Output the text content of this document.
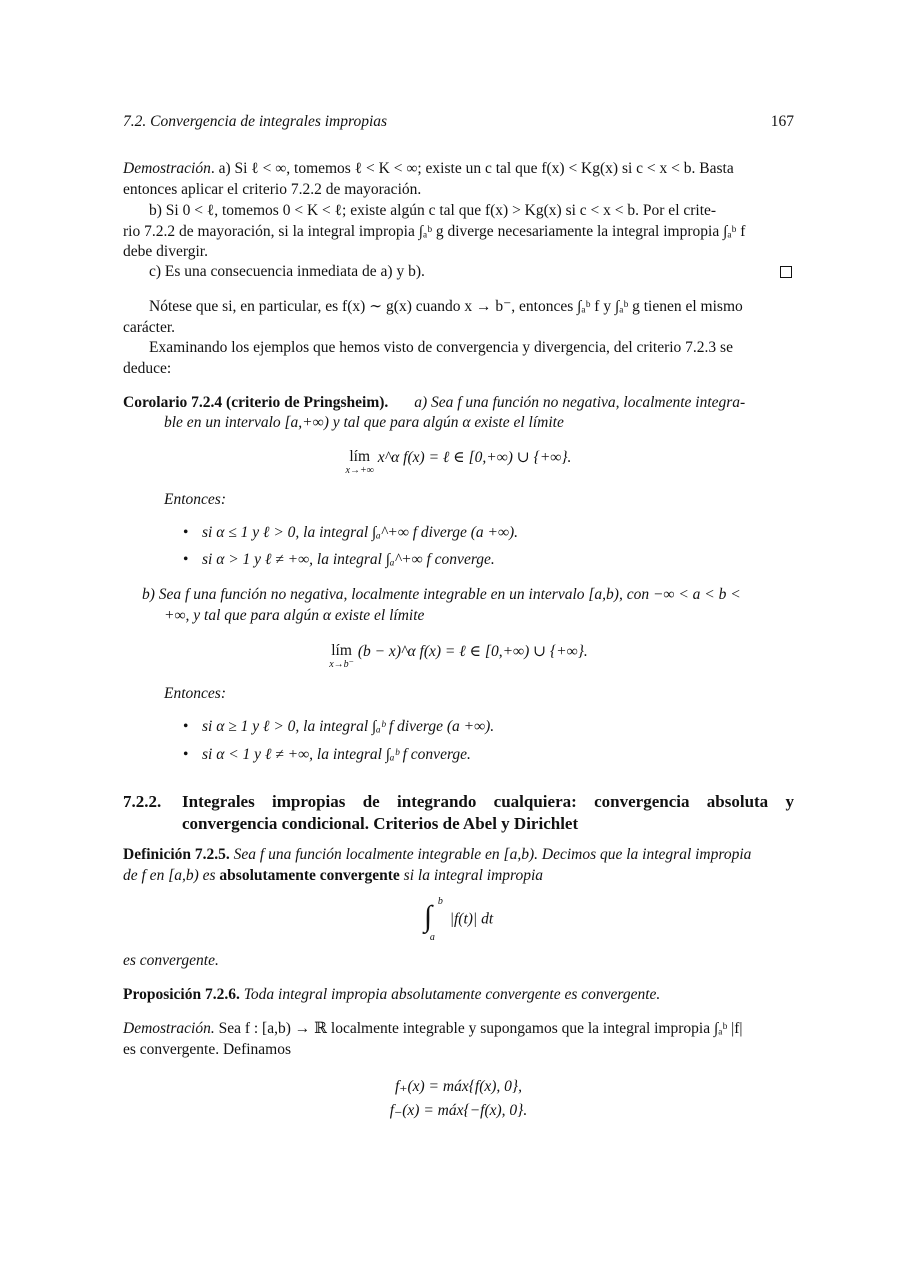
7.2. Convergencia de integrales impropias	167

Demostración. a) Si ℓ < ∞, tomemos ℓ < K < ∞; existe un c tal que f(x) < Kg(x) si c < x < b. Basta
entonces aplicar el criterio 7.2.2 de mayoración.

b) Si 0 < ℓ, tomemos 0 < K < ℓ; existe algún c tal que f(x) > Kg(x) si c < x < b. Por el crite-
rio 7.2.2 de mayoración, si la integral impropia ∫ₐᵇ g diverge necesariamente la integral impropia ∫ₐᵇ f
debe divergir.

c) Es una consecuencia inmediata de a) y b).

Nótese que si, en particular, es f(x) ∼ g(x) cuando x → b⁻, entonces ∫ₐᵇ f y ∫ₐᵇ g tienen el mismo
carácter.

Examinando los ejemplos que hemos visto de convergencia y divergencia, del criterio 7.2.3 se
deduce:

Corolario 7.2.4 (criterio de Pringsheim). a) Sea f una función no negativa, localmente integra-

ble en un intervalo [a,+∞) y tal que para algún α existe el límite

lím
x→+∞
x^α f(x) = ℓ ∈ [0,+∞) ∪ {+∞}.

Entonces:

• si α ≤ 1 y ℓ > 0, la integral ∫ₐ^+∞ f diverge (a +∞).
• si α > 1 y ℓ ≠ +∞, la integral ∫ₐ^+∞ f converge.

b) Sea f una función no negativa, localmente integrable en un intervalo [a,b), con −∞ < a < b <
+∞, y tal que para algún α existe el límite

lím
x→b⁻
(b − x)^α f(x) = ℓ ∈ [0,+∞) ∪ {+∞}.

Entonces:

• si α ≥ 1 y ℓ > 0, la integral ∫ₐᵇ f diverge (a +∞).
• si α < 1 y ℓ ≠ +∞, la integral ∫ₐᵇ f converge.
7.2.2. Integrales impropias de integrando cualquiera: convergencia absoluta y convergencia condicional. Criterios de Abel y Dirichlet

Definición 7.2.5. Sea f una función localmente integrable en [a,b). Decimos que la integral impropia
de f en [a,b) es absolutamente convergente si la integral impropia

∫ b
a
|f(t)| dt

es convergente.

Proposición 7.2.6. Toda integral impropia absolutamente convergente es convergente.

Demostración. Sea f : [a,b) → ℝ localmente integrable y supongamos que la integral impropia ∫ₐᵇ |f|
es convergente. Definamos

f₊(x) = máx{f(x), 0},
f₋(x) = máx{−f(x), 0}.
